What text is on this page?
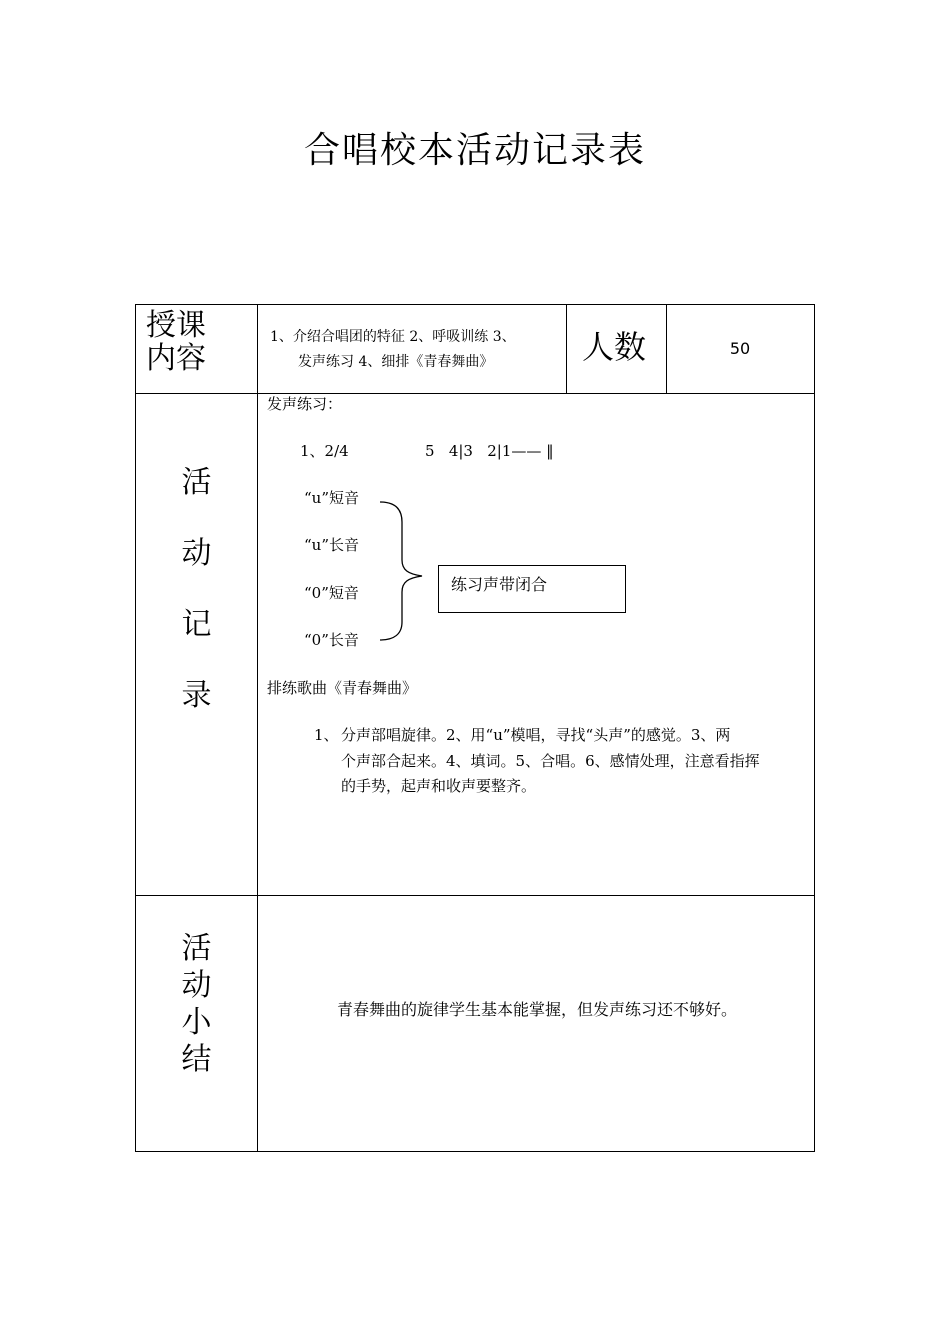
合唱校本活动记录表
授课
内容
1、介绍合唱团的特征 2、呼吸训练 3、
发声练习 4、细排《青春舞曲》	人数	50
活
动
记
录
发声练习：
1、2/4                5   4|3   2|1—— ‖
“u”短音
“u”长音
“0”短音
“0”长音
练习声带闭合
排练歌曲《青春舞曲》
1、 分声部唱旋律。2、用“u”模唱，寻找“头声”的感觉。3、两
个声部合起来。4、填词。5、合唱。6、感情处理，注意看指挥
的手势，起声和收声要整齐。
活
动
小
结
青春舞曲的旋律学生基本能掌握，但发声练习还不够好。
